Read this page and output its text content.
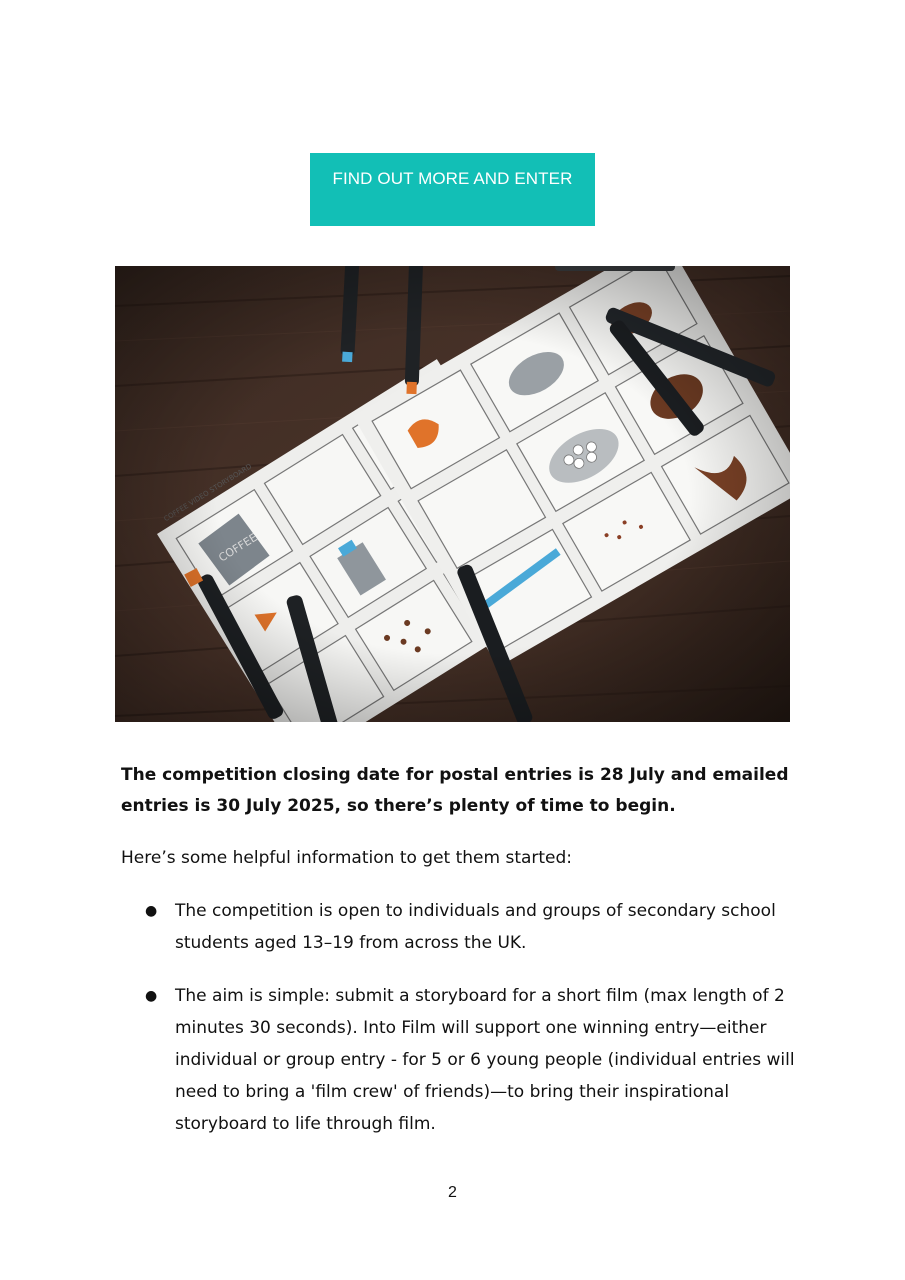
FIND OUT MORE AND ENTER

The competition closing date for postal entries is 28 July and emailed entries is 30 July 2025, so there’s plenty of time to begin.

Here’s some helpful information to get them started:

● The competition is open to individuals and groups of secondary school students aged 13–19 from across the UK.
● The aim is simple: submit a storyboard for a short film (max length of 2 minutes 30 seconds). Into Film will support one winning entry—either individual or group entry - for 5 or 6 young people (individual entries will need to bring a 'film crew' of friends)—to bring their inspirational storyboard to life through film.
2
